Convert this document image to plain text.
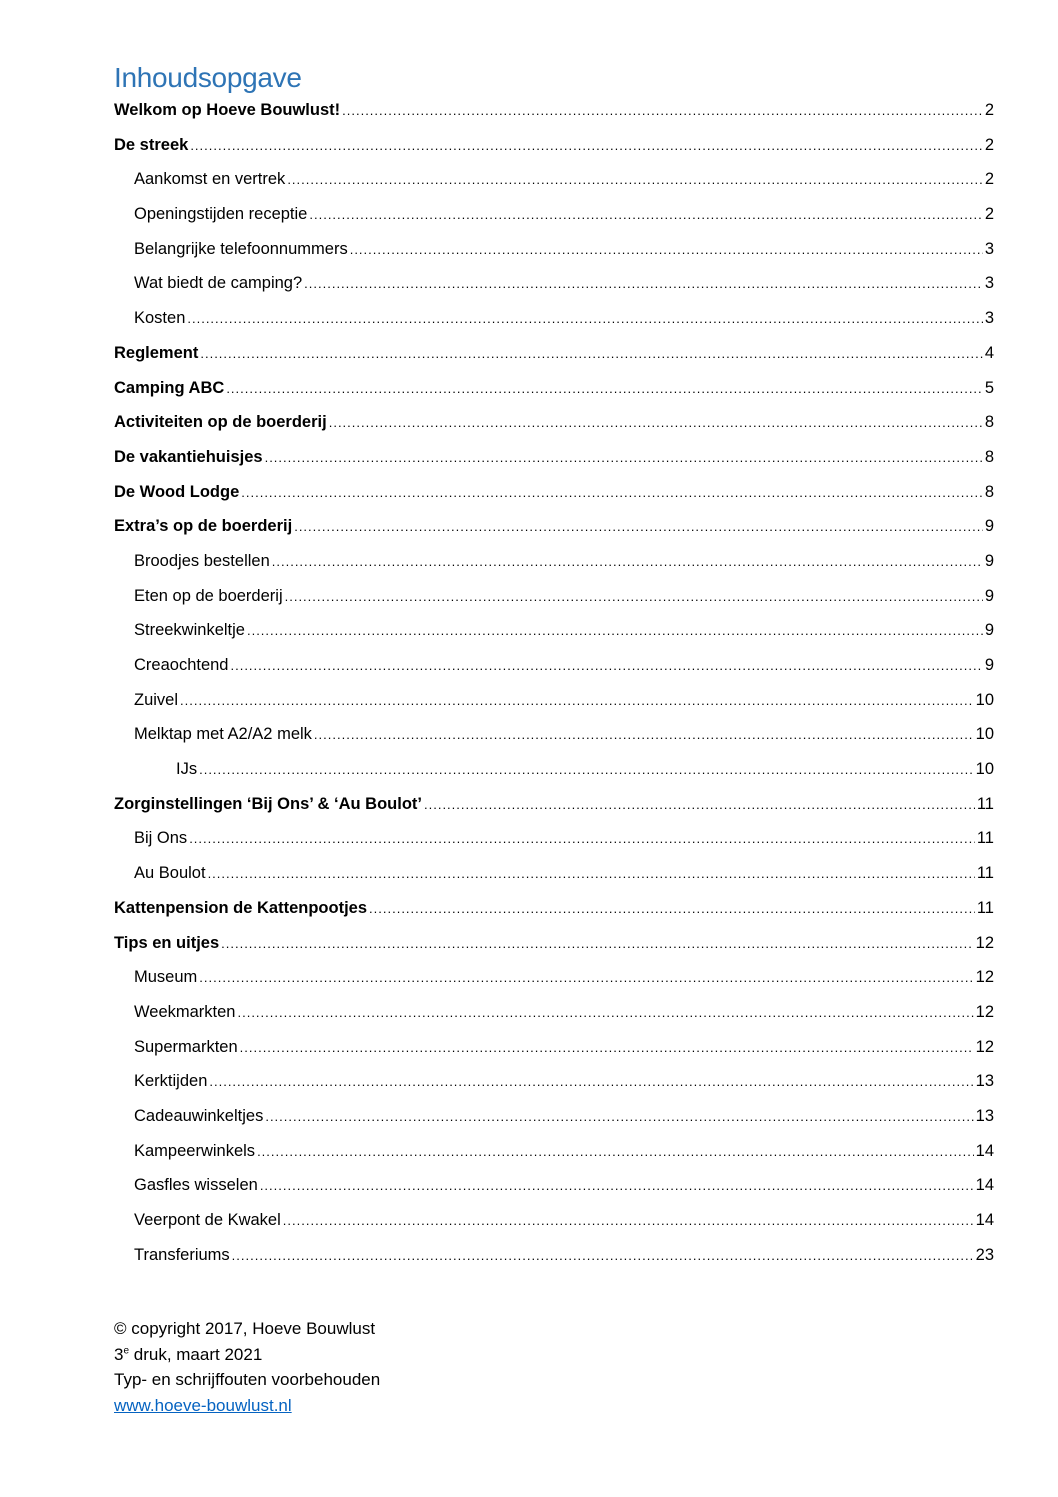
Inhoudsopgave
Welkom op Hoeve Bouwlust! .....	2
De streek .....	2
Aankomst en vertrek .....	2
Openingstijden receptie .....	2
Belangrijke telefoonnummers .....	3
Wat biedt de camping? .....	3
Kosten .....	3
Reglement .....	4
Camping ABC .....	5
Activiteiten op de boerderij .....	8
De vakantiehuisjes .....	8
De Wood Lodge .....	8
Extra’s op de boerderij .....	9
Broodjes bestellen .....	9
Eten op de boerderij .....	9
Streekwinkeltje .....	9
Creaochtend .....	9
Zuivel .....	10
Melktap met A2/A2 melk .....	10
IJs .....	10
Zorginstellingen ‘Bij Ons’ & ‘Au Boulot’ .....	11
Bij Ons .....	11
Au Boulot .....	11
Kattenpension de Kattenpootjes .....	11
Tips en uitjes .....	12
Museum .....	12
Weekmarkten .....	12
Supermarkten .....	12
Kerktijden .....	13
Cadeauwinkeltjes .....	13
Kampeerwinkels .....	14
Gasfles wisselen .....	14
Veerpont de Kwakel .....	14
Transferiums .....	23
© copyright 2017, Hoeve Bouwlust
3e druk, maart 2021
Typ- en schrijffouten voorbehouden
www.hoeve-bouwlust.nl
